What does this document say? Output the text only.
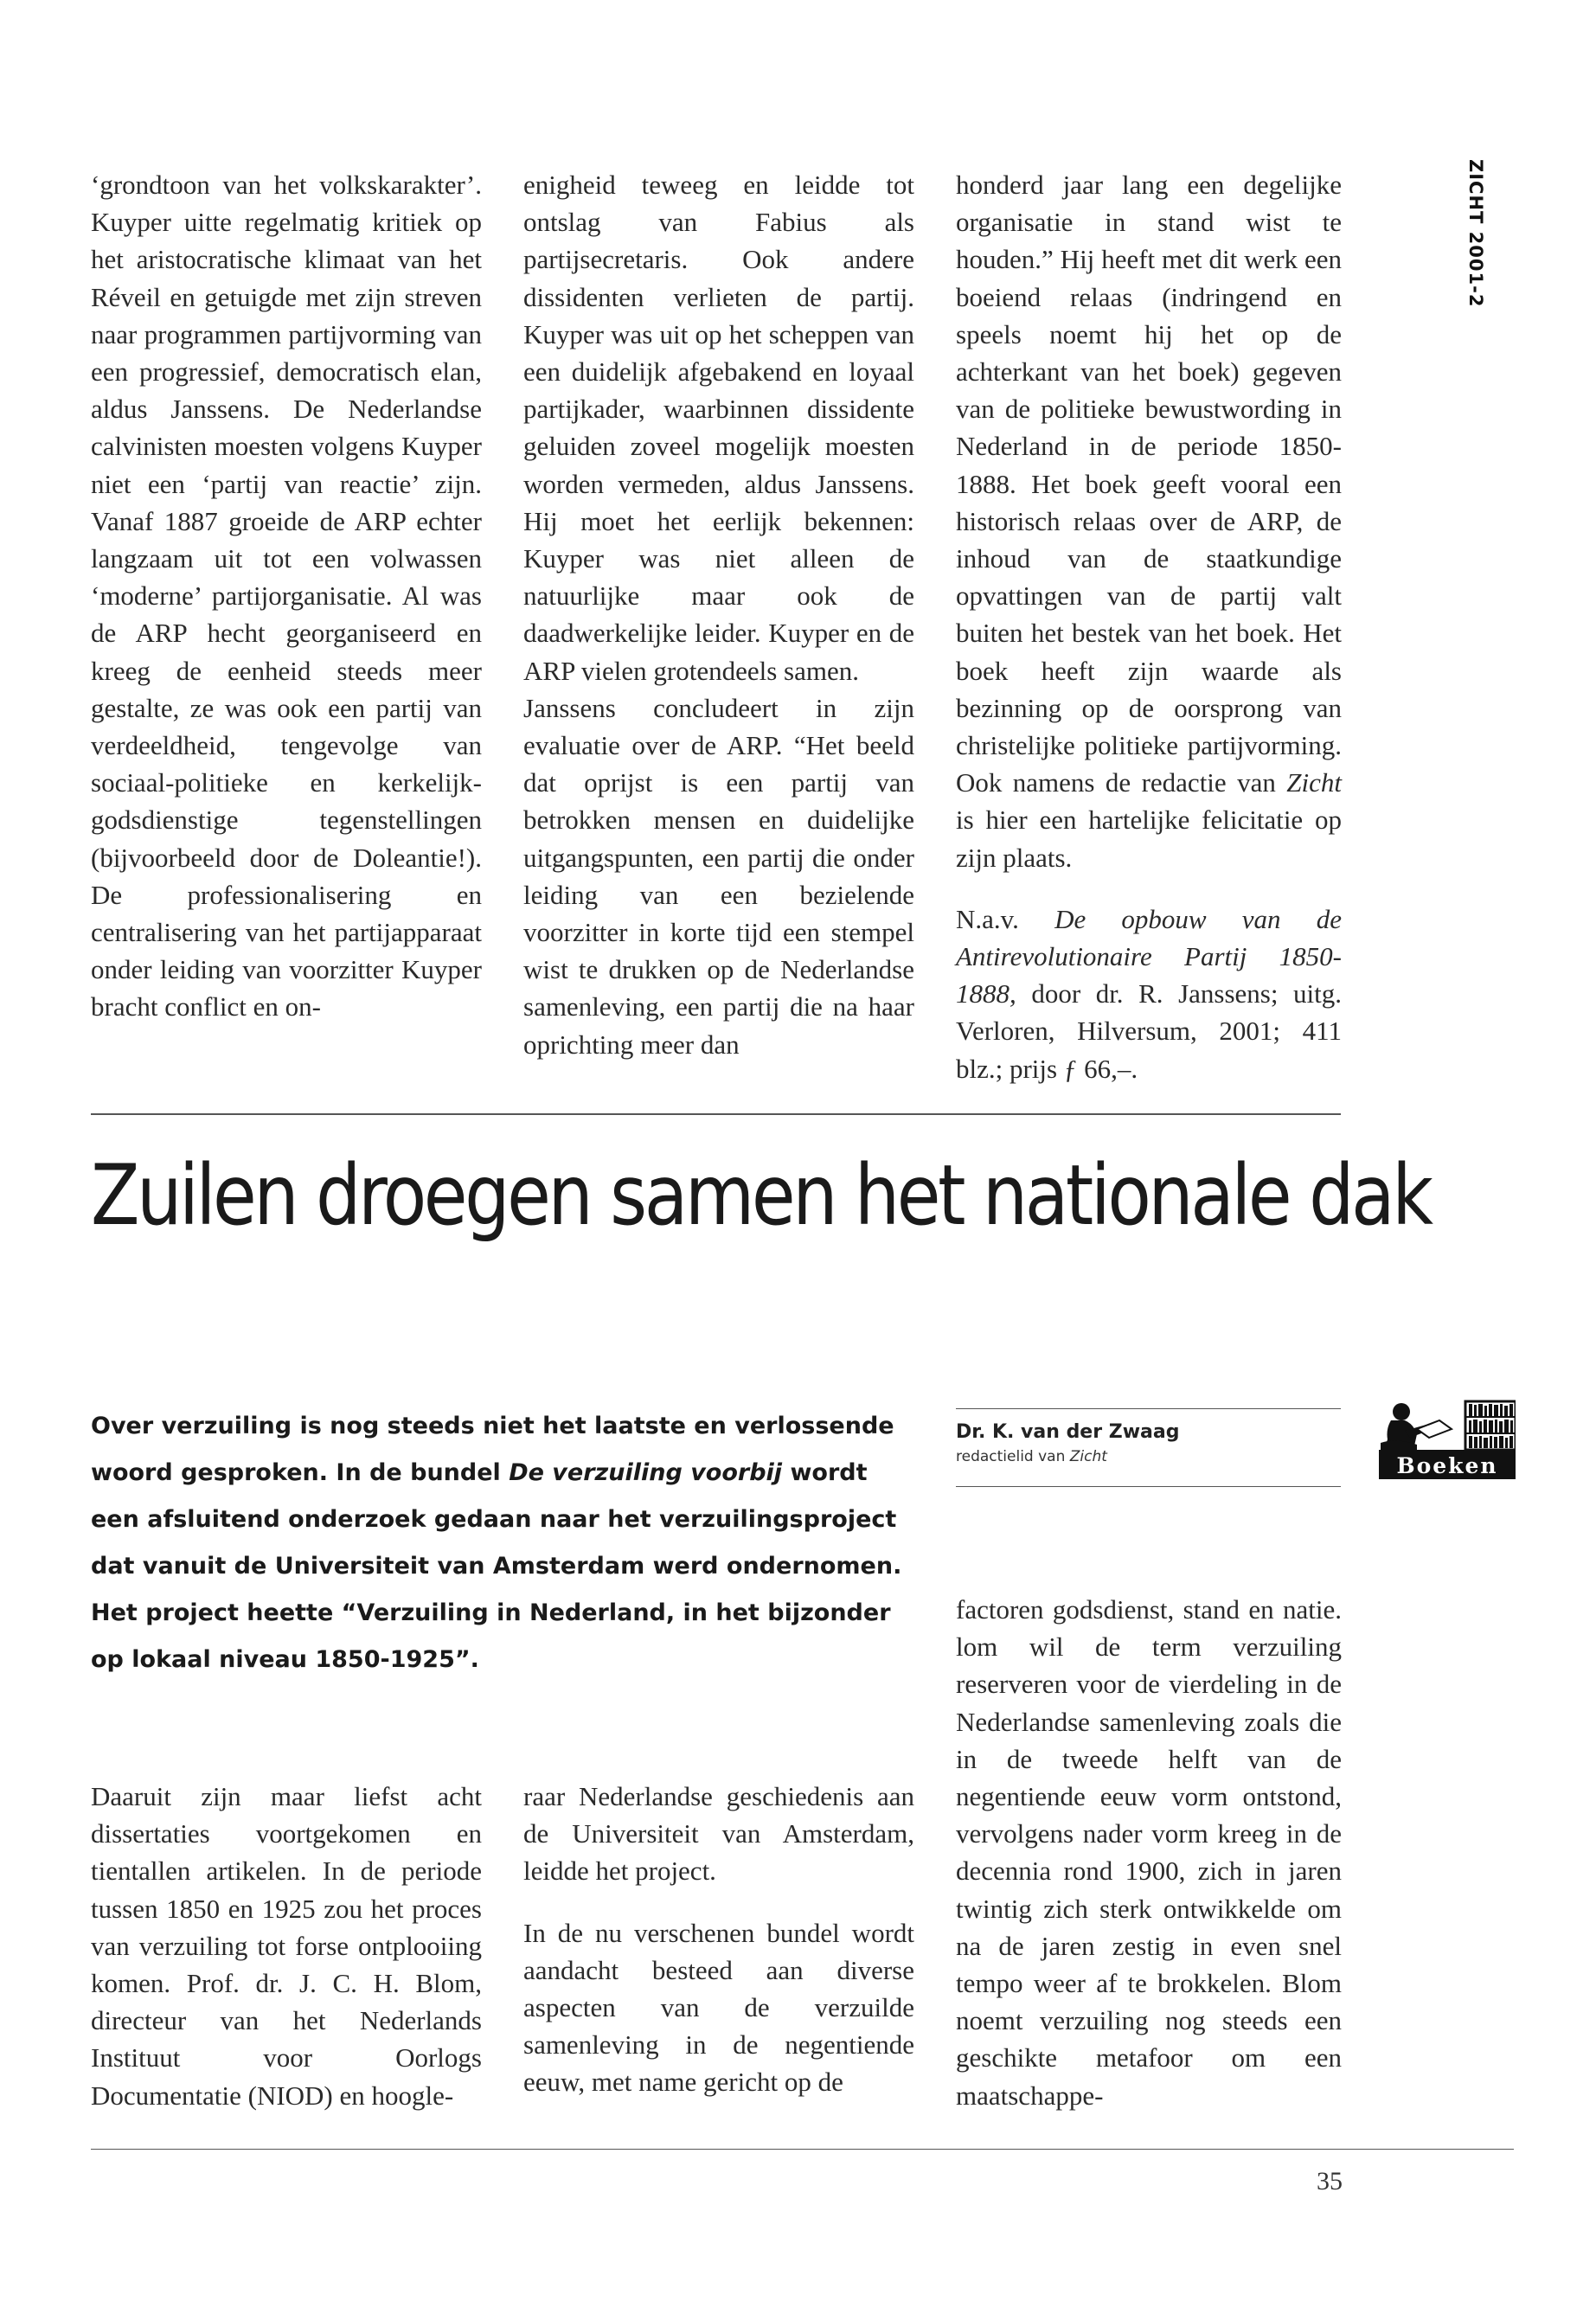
ZICHT 2001-2

‘grondtoon van het volkskarakter’. Kuyper uitte regelmatig kritiek op het aristocratische klimaat van het Réveil en getuigde met zijn streven naar programmen partijvorming van een progressief, democratisch elan, aldus Janssens. De Nederlandse calvinisten moesten volgens Kuyper niet een ‘partij van reactie’ zijn. Vanaf 1887 groeide de ARP echter langzaam uit tot een volwassen ‘moderne’ partijorganisatie. Al was de ARP hecht georganiseerd en kreeg de eenheid steeds meer gestalte, ze was ook een partij van verdeeldheid, tengevolge van sociaal-politieke en kerkelijk-godsdienstige tegenstellingen (bijvoorbeeld door de Doleantie!). De professionalisering en centralisering van het partijapparaat onder leiding van voorzitter Kuyper bracht conflict en on-

enigheid teweeg en leidde tot ontslag van Fabius als partijsecretaris. Ook andere dissidenten verlieten de partij. Kuyper was uit op het scheppen van een duidelijk afgebakend en loyaal partijkader, waarbinnen dissidente geluiden zoveel mogelijk moesten worden vermeden, aldus Janssens. Hij moet het eerlijk bekennen: Kuyper was niet alleen de natuurlijke maar ook de daadwerkelijke leider. Kuyper en de ARP vielen grotendeels samen.

Janssens concludeert in zijn evaluatie over de ARP. “Het beeld dat oprijst is een partij van betrokken mensen en duidelijke uitgangspunten, een partij die onder leiding van een bezielende voorzitter in korte tijd een stempel wist te drukken op de Nederlandse samenleving, een partij die na haar oprichting meer dan

honderd jaar lang een degelijke organisatie in stand wist te houden.” Hij heeft met dit werk een boeiend relaas (indringend en speels noemt hij het op de achterkant van het boek) gegeven van de politieke bewustwording in Nederland in de periode 1850-1888. Het boek geeft vooral een historisch relaas over de ARP, de inhoud van de staatkundige opvattingen van de partij valt buiten het bestek van het boek. Het boek heeft zijn waarde als bezinning op de oorsprong van christelijke politieke partijvorming. Ook namens de redactie van Zicht is hier een hartelijke felicitatie op zijn plaats.

N.a.v. De opbouw van de Antirevolutionaire Partij 1850-1888, door dr. R. Janssens; uitg. Verloren, Hilversum, 2001; 411 blz.; prijs ƒ 66,–.

Zuilen droegen samen het nationale dak
Over verzuiling is nog steeds niet het laatste en verlossende woord gesproken. In de bundel De verzuiling voorbij wordt een afsluitend onderzoek gedaan naar het verzuilingsproject dat vanuit de Universiteit van Amsterdam werd ondernomen.
Het project heette “Verzuiling in Nederland, in het bijzonder op lokaal niveau 1850-1925”.
Dr. K. van der Zwaag
redactielid van Zicht	Boeken

Daaruit zijn maar liefst acht dissertaties voortgekomen en tientallen artikelen. In de periode tussen 1850 en 1925 zou het proces van verzuiling tot forse ontplooiing komen. Prof. dr. J. C. H. Blom, directeur van het Nederlands Instituut voor Oorlogs Documentatie (NIOD) en hoogle-

raar Nederlandse geschiedenis aan de Universiteit van Amsterdam, leidde het project.

In de nu verschenen bundel wordt aandacht besteed aan diverse aspecten van de verzuilde samenleving in de negentiende eeuw, met name gericht op de

factoren godsdienst, stand en natie. lom wil de term verzuiling reserveren voor de vierdeling in de Nederlandse samenleving zoals die in de tweede helft van de negentiende eeuw vorm ontstond, vervolgens nader vorm kreeg in de decennia rond 1900, zich in jaren twintig zich sterk ontwikkelde om na de jaren zestig in even snel tempo weer af te brokkelen. Blom noemt verzuiling nog steeds een geschikte metafoor om een maatschappe-

35
